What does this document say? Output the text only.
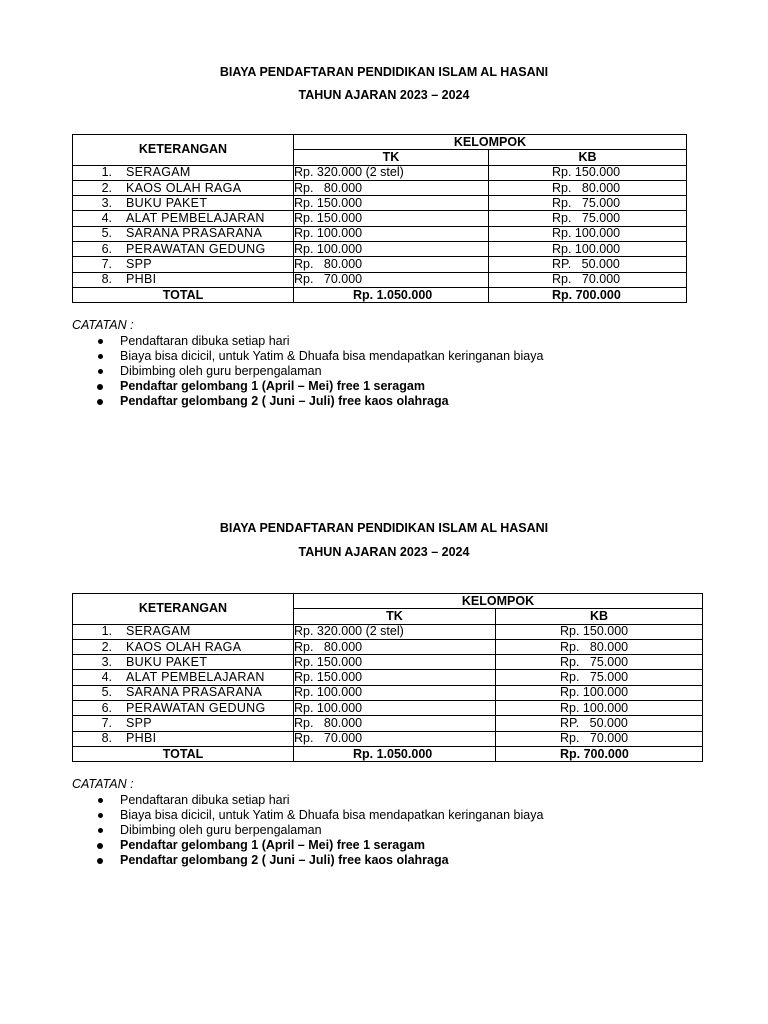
BIAYA PENDAFTARAN PENDIDIKAN ISLAM AL HASANI
TAHUN AJARAN 2023 – 2024
KETERANGAN	KELOMPOK	
	TK	KB
1. SERAGAM	Rp. 320.000 (2 stel)	Rp. 150.000
2. KAOS OLAH RAGA	Rp.   80.000	Rp.   80.000
3. BUKU PAKET	Rp. 150.000	Rp.   75.000
4. ALAT PEMBELAJARAN	Rp. 150.000	Rp.   75.000
5. SARANA PRASARANA	Rp. 100.000	Rp. 100.000
6. PERAWATAN GEDUNG	Rp. 100.000	Rp. 100.000
7. SPP	Rp.   80.000	RP.   50.000
8. PHBI	Rp.   70.000	Rp.   70.000
TOTAL	Rp. 1.050.000	Rp. 700.000
CATATAN :
Pendaftaran dibuka setiap hari
Biaya bisa dicicil, untuk Yatim & Dhuafa bisa mendapatkan keringanan biaya
Dibimbing oleh guru berpengalaman
Pendaftar gelombang 1 (April – Mei) free 1 seragam
Pendaftar gelombang 2 ( Juni – Juli) free kaos olahraga
BIAYA PENDAFTARAN PENDIDIKAN ISLAM AL HASANI
TAHUN AJARAN 2023 – 2024
KETERANGAN	KELOMPOK	
	TK	KB
1. SERAGAM	Rp. 320.000 (2 stel)	Rp. 150.000
2. KAOS OLAH RAGA	Rp.   80.000	Rp.   80.000
3. BUKU PAKET	Rp. 150.000	Rp.   75.000
4. ALAT PEMBELAJARAN	Rp. 150.000	Rp.   75.000
5. SARANA PRASARANA	Rp. 100.000	Rp. 100.000
6. PERAWATAN GEDUNG	Rp. 100.000	Rp. 100.000
7. SPP	Rp.   80.000	RP.   50.000
8. PHBI	Rp.   70.000	Rp.   70.000
TOTAL	Rp. 1.050.000	Rp. 700.000
CATATAN :
Pendaftaran dibuka setiap hari
Biaya bisa dicicil, untuk Yatim & Dhuafa bisa mendapatkan keringanan biaya
Dibimbing oleh guru berpengalaman
Pendaftar gelombang 1 (April – Mei) free 1 seragam
Pendaftar gelombang 2 ( Juni – Juli) free kaos olahraga
